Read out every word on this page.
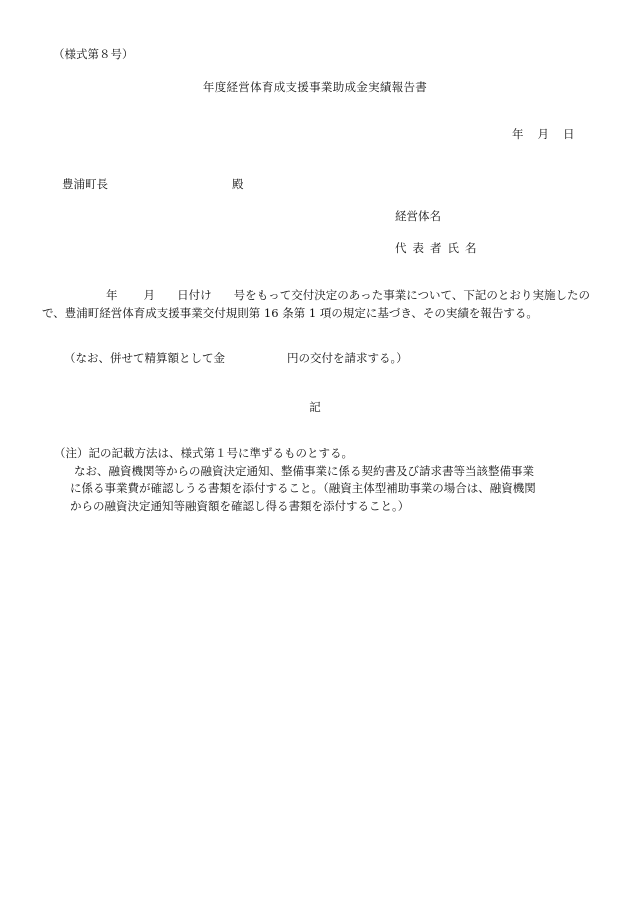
（様式第８号）
年度経営体育成支援事業助成金実績報告書
年 月 日
豊浦町長	殿
経営体名
代表者氏名
年 月 日付け 号をもって交付決定のあった事業について、下記のとおり実施したので、豊浦町経営体育成支援事業交付規則第 16 条第 1 項の規定に基づき、その実績を報告する。
（なお、併せて精算額として金	円の交付を請求する。）
記
（注）記の記載方法は、様式第１号に準ずるものとする。
なお、融資機関等からの融資決定通知、整備事業に係る契約書及び請求書等当該整備事業
に係る事業費が確認しうる書類を添付すること。（融資主体型補助事業の場合は、融資機関
からの融資決定通知等融資額を確認し得る書類を添付すること。）
